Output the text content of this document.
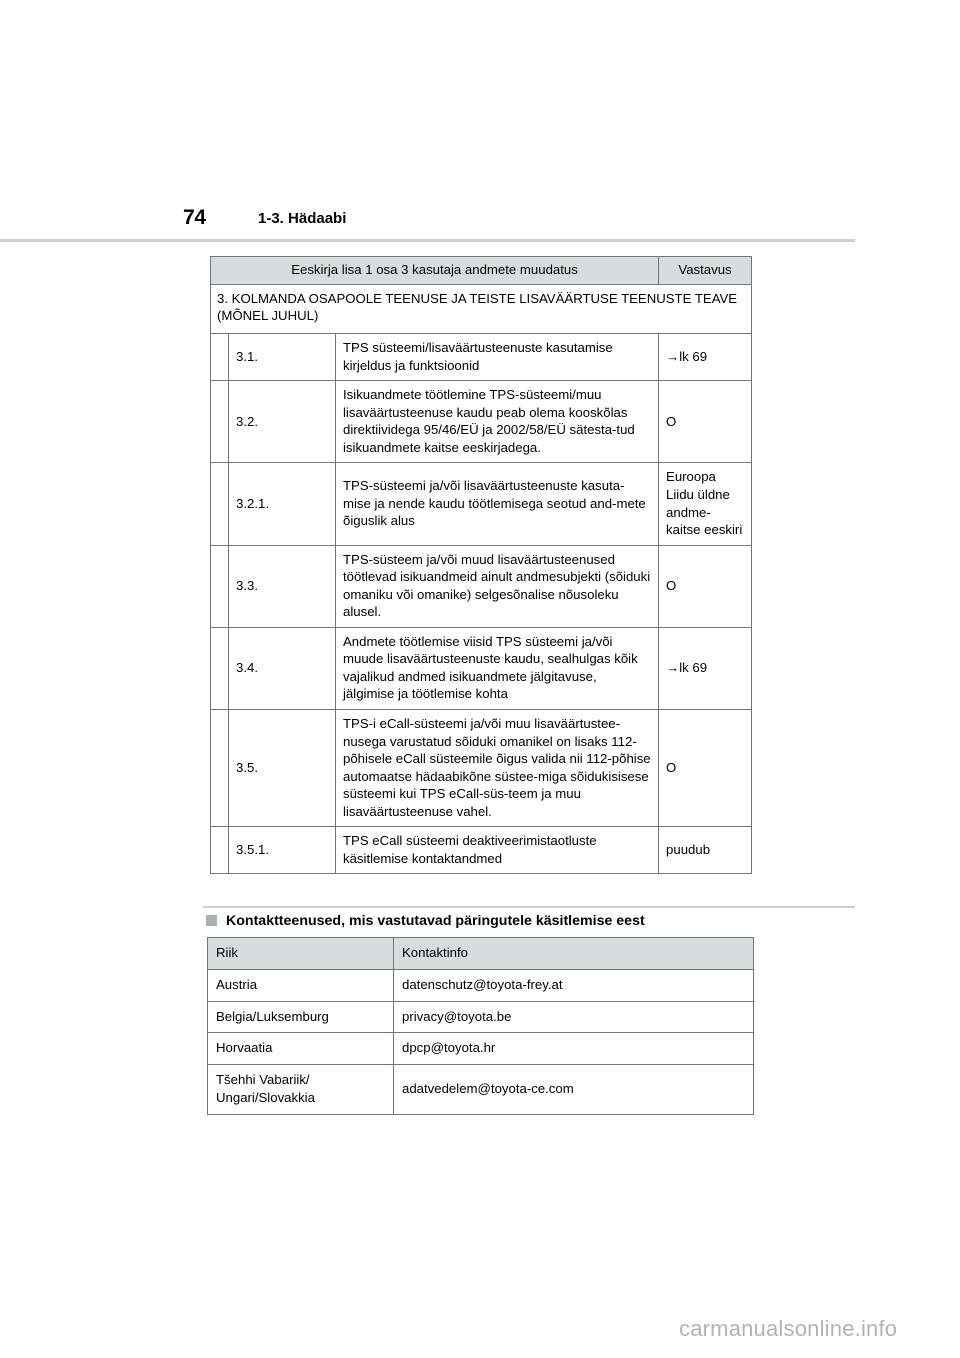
74	1-3. Hädaabi
Eeskirja lisa 1 osa 3 kasutaja andmete muudatus			Vastavus
3. KOLMANDA OSAPOOLE TEENUSE JA TEISTE LISAVÄÄRTUSE TEENUSTE TEAVE (MÕNEL JUHUL)			
	3.1.	TPS süsteemi/lisaväärtusteenuste kasutamise kirjeldus ja funktsioonid	→lk 69
	3.2.	Isikuandmete töötlemine TPS-süsteemi/muu lisaväärtusteenuse kaudu peab olema kooskõlas direktiividega 95/46/EÜ ja 2002/58/EÜ sätesta-tud isikuandmete kaitse eeskirjadega.	O
	3.2.1.	TPS-süsteemi ja/või lisaväärtusteenuste kasuta-mise ja nende kaudu töötlemisega seotud and-mete õiguslik alus	Euroopa Liidu üldne andme- kaitse eeskiri
	3.3.	TPS-süsteem ja/või muud lisaväärtusteenused töötlevad isikuandmeid ainult andmesubjekti (sõiduki omaniku või omanike) selgesõnalise nõusoleku alusel.	O
	3.4.	Andmete töötlemise viisid TPS süsteemi ja/või muude lisaväärtusteenuste kaudu, sealhulgas kõik vajalikud andmed isikuandmete jälgitavuse, jälgimise ja töötlemise kohta	→lk 69
	3.5.	TPS-i eCall-süsteemi ja/või muu lisaväärtustee-nusega varustatud sõiduki omanikel on lisaks 112-põhisele eCall süsteemile õigus valida nii 112-põhise automaatse hädaabikõne süstee-miga sõidukisisese süsteemi kui TPS eCall-süs-teem ja muu lisaväärtusteenuse vahel.	O
	3.5.1.	TPS eCall süsteemi deaktiveerimistaotluste käsitlemise kontaktandmed	puudub
Kontaktteenused, mis vastutavad päringutele käsitlemise eest
Riik	Kontaktinfo
Austria	datenschutz@toyota-frey.at
Belgia/Luksemburg	privacy@toyota.be
Horvaatia	dpcp@toyota.hr
Tšehhi Vabariik/
Ungari/Slovakkia	adatvedelem@toyota-ce.com
carmanualsonline.info
